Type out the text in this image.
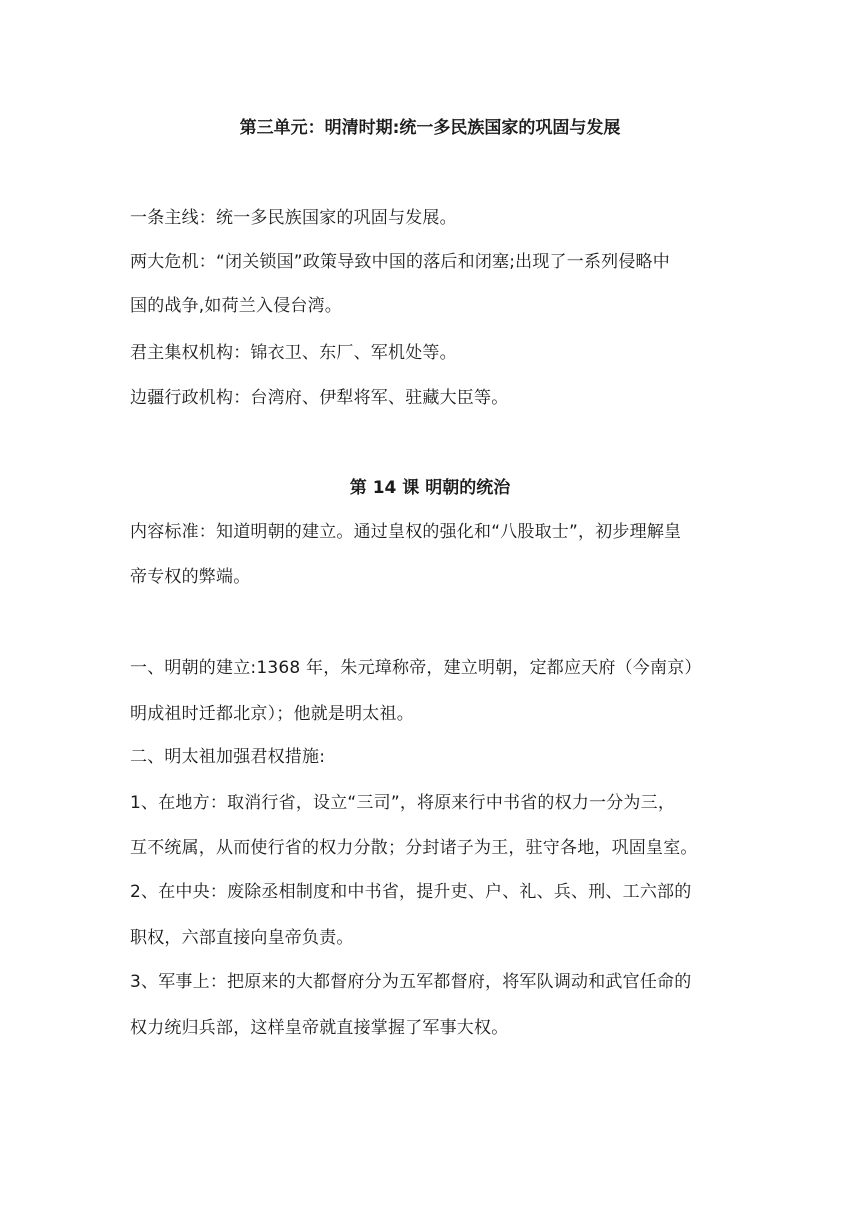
第三单元：明清时期:统一多民族国家的巩固与发展
一条主线：统一多民族国家的巩固与发展。
两大危机：“闭关锁国”政策导致中国的落后和闭塞;出现了一系列侵略中
国的战争,如荷兰入侵台湾。
君主集权机构：锦衣卫、东厂、军机处等。
边疆行政机构：台湾府、伊犁将军、驻藏大臣等。
第 14 课 明朝的统治
内容标准：知道明朝的建立。通过皇权的强化和“八股取士”，初步理解皇
帝专权的弊端。
一、明朝的建立:1368 年，朱元璋称帝，建立明朝，定都应天府（今南京）
明成祖时迁都北京）；他就是明太祖。
二、明太祖加强君权措施:
1、在地方：取消行省，设立“三司”，将原来行中书省的权力一分为三，
互不统属，从而使行省的权力分散；分封诸子为王，驻守各地，巩固皇室。
2、在中央：废除丞相制度和中书省，提升吏、户、礼、兵、刑、工六部的
职权，六部直接向皇帝负责。
3、军事上：把原来的大都督府分为五军都督府，将军队调动和武官任命的
权力统归兵部，这样皇帝就直接掌握了军事大权。
